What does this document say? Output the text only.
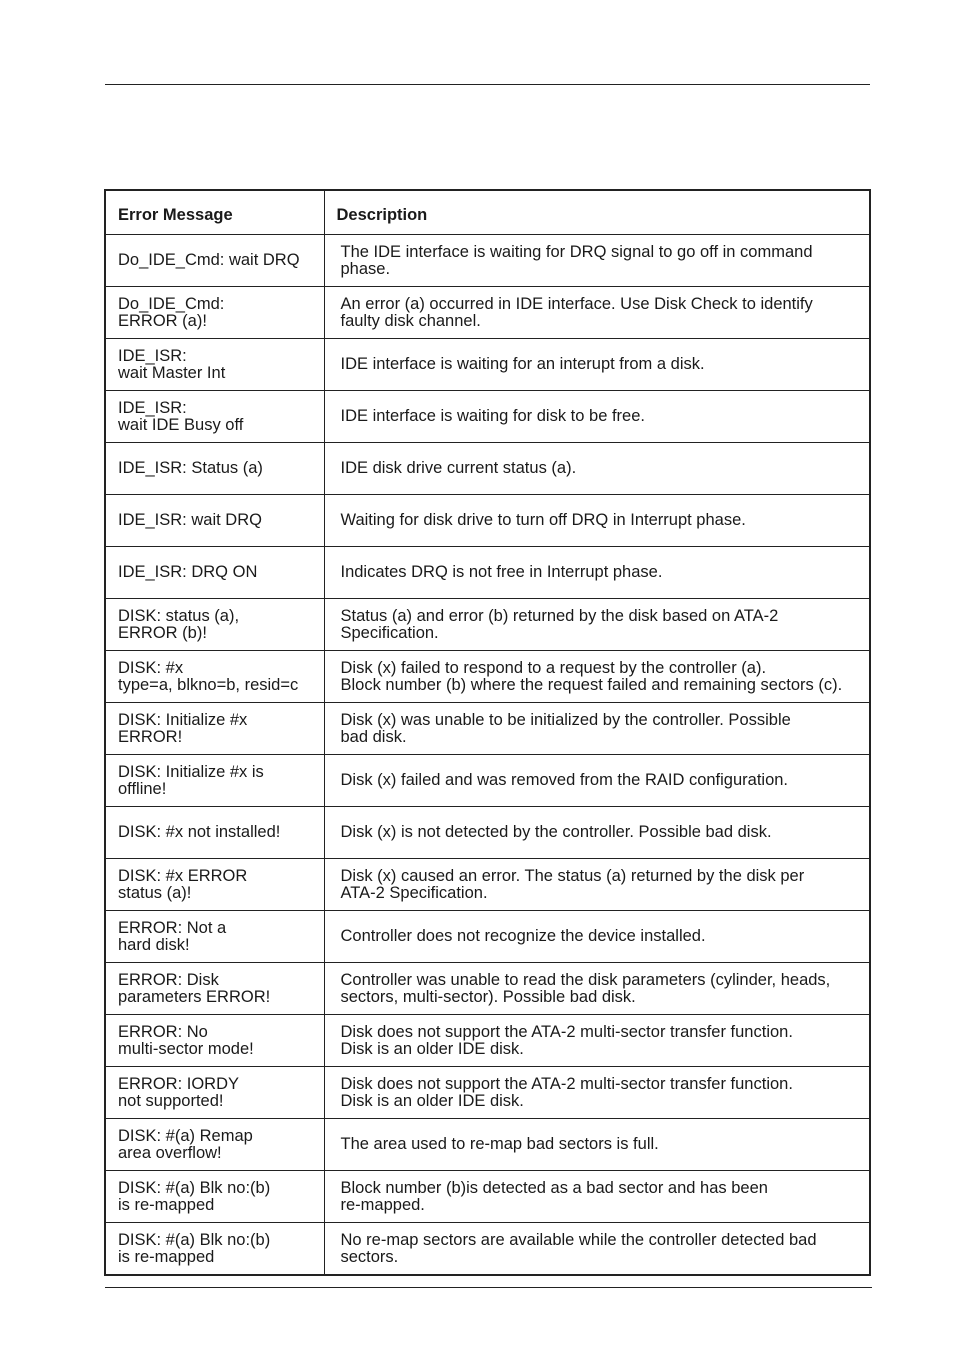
Error Message	Description
Do_IDE_Cmd: wait DRQ	The IDE interface is waiting for DRQ signal to go off in command
phase.
Do_IDE_Cmd:
ERROR (a)!	An error (a) occurred in IDE interface. Use Disk Check to identify
faulty disk channel.
IDE_ISR:
wait Master Int	IDE interface is waiting for an interupt from a disk.
IDE_ISR:
wait IDE Busy off	IDE interface is waiting for disk to be free.
IDE_ISR: Status (a)	IDE disk drive current status (a).
IDE_ISR: wait DRQ	Waiting for disk drive to turn off DRQ in Interrupt phase.
IDE_ISR: DRQ ON	Indicates DRQ is not free in Interrupt phase.
DISK: status (a),
ERROR (b)!	Status (a) and error (b) returned by the disk based on ATA-2
Specification.
DISK: #x
type=a, blkno=b, resid=c	Disk (x) failed to respond to a request by the controller (a).
Block number (b) where the request failed and remaining sectors (c).
DISK: Initialize #x
ERROR!	Disk (x) was unable to be initialized by the controller. Possible
bad disk.
DISK: Initialize #x is
offline!	Disk (x) failed and was removed from the RAID configuration.
DISK: #x not installed!	Disk (x) is not detected by the controller. Possible bad disk.
DISK: #x ERROR
status (a)!	Disk (x) caused an error. The status (a) returned by the disk per
ATA-2 Specification.
ERROR: Not a
hard disk!	Controller does not recognize the device installed.
ERROR: Disk
parameters ERROR!	Controller was unable to read the disk parameters (cylinder, heads,
sectors, multi-sector). Possible bad disk.
ERROR: No
multi-sector mode!	Disk does not support the ATA-2 multi-sector transfer function.
Disk is an older IDE disk.
ERROR: IORDY
not supported!	Disk does not support the ATA-2 multi-sector transfer function.
Disk is an older IDE disk.
DISK: #(a) Remap
area overflow!	The area used to re-map bad sectors is full.
DISK: #(a) Blk no:(b)
is re-mapped	Block number (b)is detected as a bad sector and has been
re-mapped.
DISK: #(a) Blk no:(b)
is re-mapped	No re-map sectors are available while the controller detected bad
sectors.
